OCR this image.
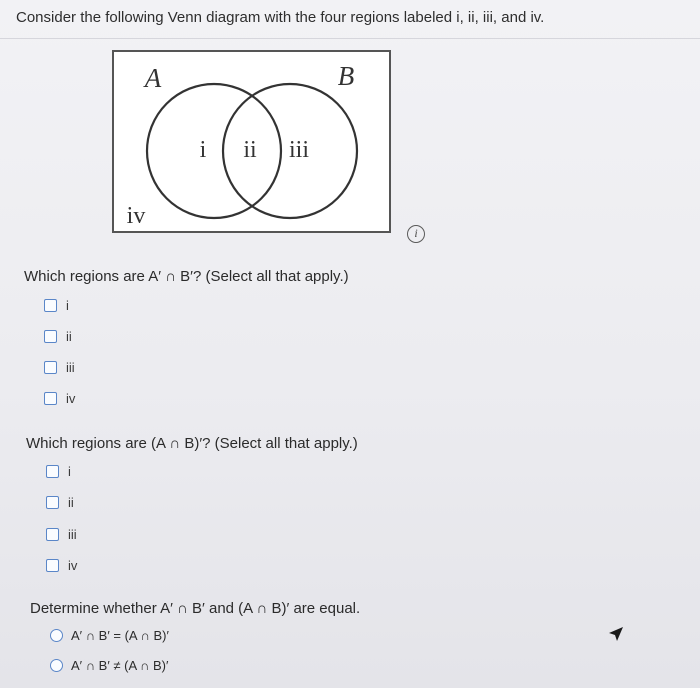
Consider the following Venn diagram with the four regions labeled i, ii, iii, and iv.
A	B
i ii iii
iv
i
Which regions are A′ ∩ B′? (Select all that apply.)
i
ii
iii
iv
Which regions are (A ∩ B)′? (Select all that apply.)
i
ii
iii
iv
Determine whether A′ ∩ B′ and (A ∩ B)′ are equal.
A′ ∩ B′ = (A ∩ B)′
A′ ∩ B′ ≠ (A ∩ B)′
